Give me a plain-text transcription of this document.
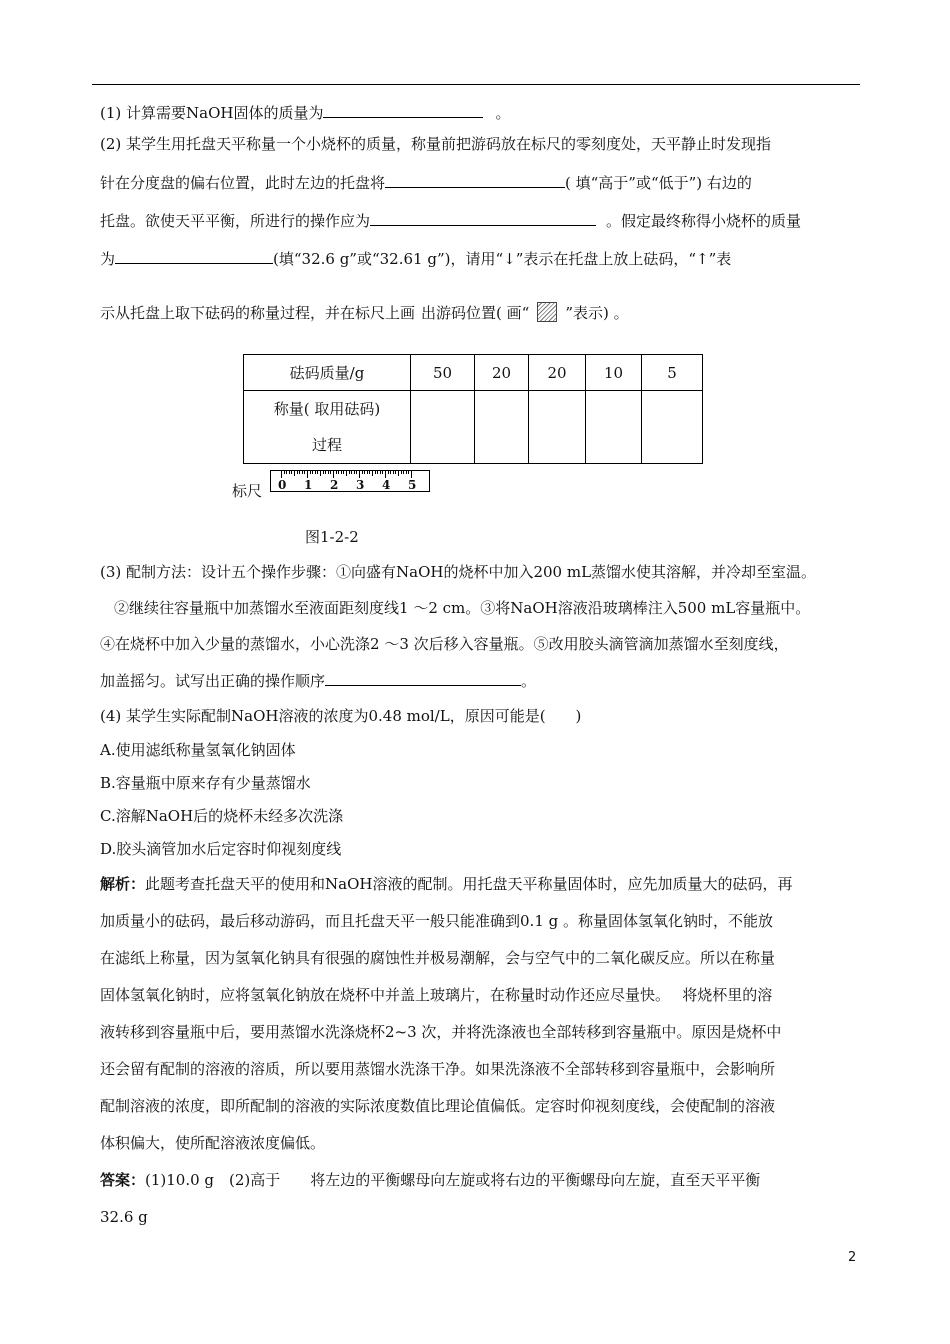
(1) 计算需要NaOH固体的质量为	。
(2) 某学生用托盘天平称量一个小烧杯的质量，称量前把游码放在标尺的零刻度处，天平静止时发现指
针在分度盘的偏右位置，此时左边的托盘将	( 填“高于”或“低于”) 右边的
托盘。欲使天平平衡，所进行的操作应为	。假定最终称得小烧杯的质量
为	(填“32.6 g”或“32.61 g”)，请用“↓”表示在托盘上放上砝码，“↑”表
示从托盘上取下砝码的称量过程，并在标尺上画 出游码位置( 画“ ”表示) 。
砝码质量/g	50	20	20	10	5

称量( 取用砝码)
过程					

标尺 0 1 2 3 4 5
图1-2-2
(3) 配制方法：设计五个操作步骤：①向盛有NaOH的烧杯中加入200 mL蒸馏水使其溶解，并冷却至室温。
②继续往容量瓶中加蒸馏水至液面距刻度线1 ～2 cm。③将NaOH溶液沿玻璃棒注入500 mL容量瓶中。
④在烧杯中加入少量的蒸馏水，小心洗涤2 ～3 次后移入容量瓶。⑤改用胶头滴管滴加蒸馏水至刻度线，
加盖摇匀。试写出正确的操作顺序	。
(4) 某学生实际配制NaOH溶液的浓度为0.48 mol/L，原因可能是(　　)
A.使用滤纸称量氢氧化钠固体
B.容量瓶中原来存有少量蒸馏水
C.溶解NaOH后的烧杯未经多次洗涤
D.胶头滴管加水后定容时仰视刻度线
解析：此题考查托盘天平的使用和NaOH溶液的配制。用托盘天平称量固体时，应先加质量大的砝码，再
加质量小的砝码，最后移动游码，而且托盘天平一般只能准确到0.1 g 。称量固体氢氧化钠时，不能放
在滤纸上称量，因为氢氧化钠具有很强的腐蚀性并极易潮解，会与空气中的二氧化碳反应。所以在称量
固体氢氧化钠时，应将氢氧化钠放在烧杯中并盖上玻璃片，在称量时动作还应尽量快。　 将烧杯里的溶
液转移到容量瓶中后，要用蒸馏水洗涤烧杯2~3 次，并将洗涤液也全部转移到容量瓶中。原因是烧杯中
还会留有配制的溶液的溶质，所以要用蒸馏水洗涤干净。如果洗涤液不全部转移到容量瓶中，会影响所
配制溶液的浓度，即所配制的溶液的实际浓度数值比理论值偏低。定容时仰视刻度线，会使配制的溶液
体积偏大，使所配溶液浓度偏低。
答案：(1)10.0 g　(2)高于　　将左边的平衡螺母向左旋或将右边的平衡螺母向左旋，直至天平平衡
32.6 g
2
